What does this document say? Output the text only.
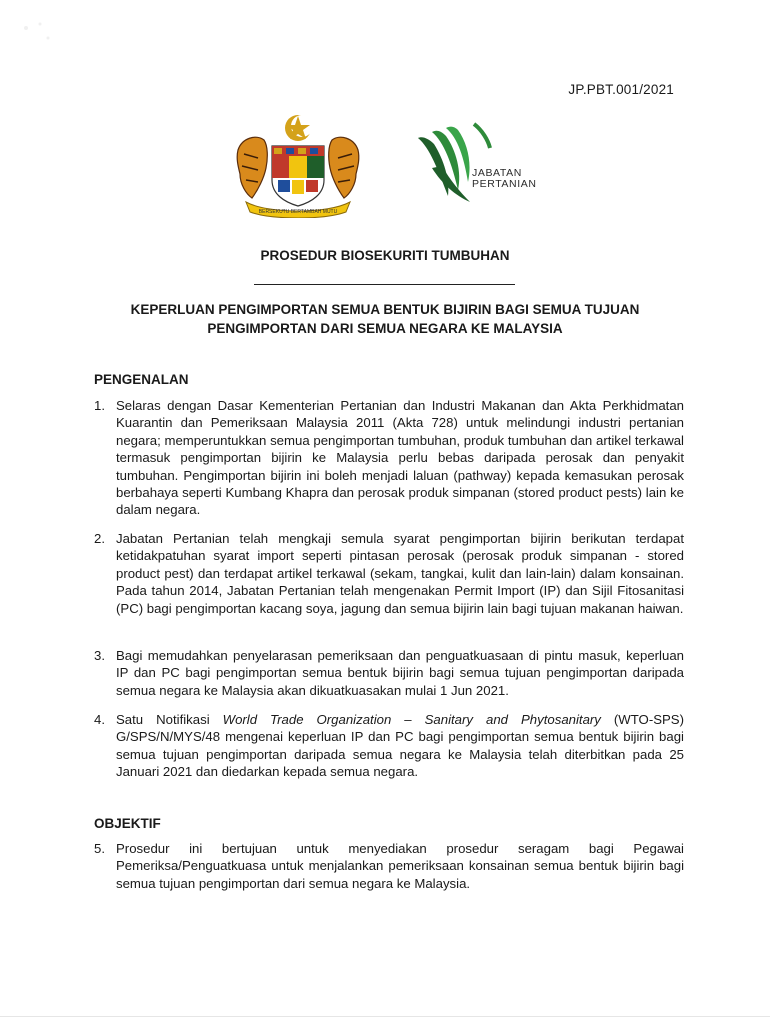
JP.PBT.001/2021
BERSEKUTU BERTAMBAH MUTU
JABATAN
PERTANIAN
PROSEDUR BIOSEKURITI TUMBUHAN
KEPERLUAN PENGIMPORTAN SEMUA BENTUK BIJIRIN BAGI SEMUA TUJUAN
PENGIMPORTAN DARI SEMUA NEGARA KE MALAYSIA
PENGENALAN
1. Selaras dengan Dasar Kementerian Pertanian dan Industri Makanan dan Akta Perkhidmatan Kuarantin dan Pemeriksaan Malaysia 2011 (Akta 728) untuk melindungi industri pertanian negara; memperuntukkan semua pengimportan tumbuhan, produk tumbuhan dan artikel terkawal termasuk pengimportan bijirin ke Malaysia perlu bebas daripada perosak dan penyakit tumbuhan. Pengimportan bijirin ini boleh menjadi laluan (pathway) kepada kemasukan perosak berbahaya seperti Kumbang Khapra dan perosak produk simpanan (stored product pests) lain ke dalam negara.
2. Jabatan Pertanian telah mengkaji semula syarat pengimportan bijirin berikutan terdapat ketidakpatuhan syarat import seperti pintasan perosak (perosak produk simpanan - stored product pest) dan terdapat artikel terkawal (sekam, tangkai, kulit dan lain-lain) dalam konsainan. Pada tahun 2014, Jabatan Pertanian telah mengenakan Permit Import (IP) dan Sijil Fitosanitasi (PC) bagi pengimportan kacang soya, jagung dan semua bijirin lain bagi tujuan makanan haiwan.
3. Bagi memudahkan penyelarasan pemeriksaan dan penguatkuasaan di pintu masuk, keperluan IP dan PC bagi pengimportan semua bentuk bijirin bagi semua tujuan pengimportan daripada semua negara ke Malaysia akan dikuatkuasakan mulai 1 Jun 2021.
4. Satu Notifikasi World Trade Organization – Sanitary and Phytosanitary (WTO-SPS) G/SPS/N/MYS/48 mengenai keperluan IP dan PC bagi pengimportan semua bentuk bijirin bagi semua tujuan pengimportan daripada semua negara ke Malaysia telah diterbitkan pada 25 Januari 2021 dan diedarkan kepada semua negara.
OBJEKTIF
5. Prosedur ini bertujuan untuk menyediakan prosedur seragam bagi Pegawai Pemeriksa/Penguatkuasa untuk menjalankan pemeriksaan konsainan semua bentuk bijirin bagi semua tujuan pengimportan dari semua negara ke Malaysia.
